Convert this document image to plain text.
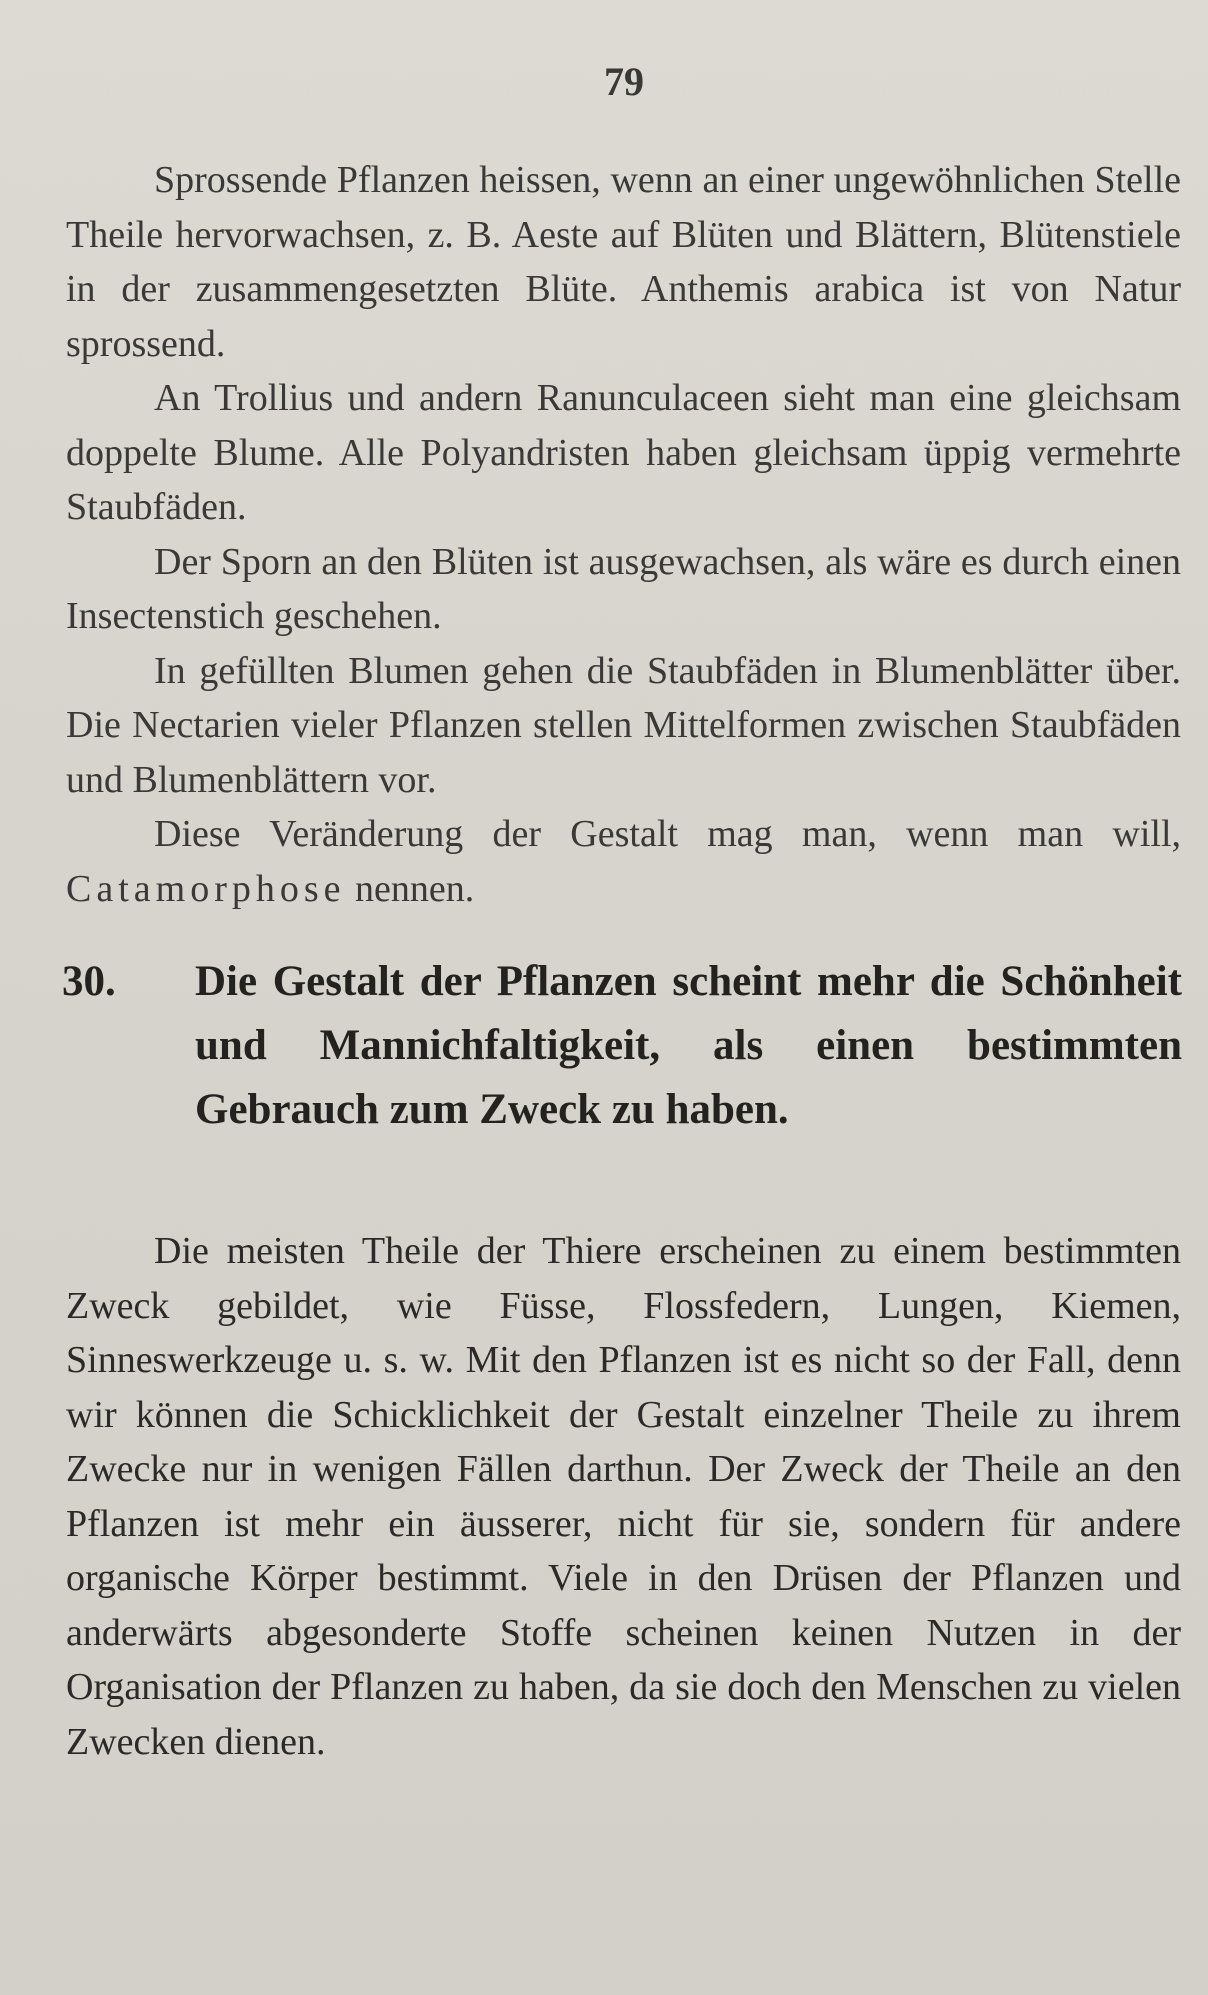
79

Sprossende Pflanzen heissen, wenn an einer ungewöhnlichen Stelle Theile hervorwachsen, z. B. Aeste auf Blüten und Blättern, Blütenstiele in der zusammengesetzten Blüte. Anthemis arabica ist von Natur sprossend.

An Trollius und andern Ranunculaceen sieht man eine gleichsam doppelte Blume. Alle Polyandristen haben gleichsam üppig vermehrte Staubfäden.

Der Sporn an den Blüten ist ausgewachsen, als wäre es durch einen Insectenstich geschehen.

In gefüllten Blumen gehen die Staubfäden in Blumenblätter über. Die Nectarien vieler Pflanzen stellen Mittelformen zwischen Staubfäden und Blumenblättern vor.

Diese Veränderung der Gestalt mag man, wenn man will, Catamorphose nennen.

30.	Die Gestalt der Pflanzen scheint mehr die Schönheit und Mannichfaltigkeit, als einen bestimmten Gebrauch zum Zweck zu haben.

Die meisten Theile der Thiere erscheinen zu einem bestimmten Zweck gebildet, wie Füsse, Flossfedern, Lungen, Kiemen, Sinneswerkzeuge u. s. w. Mit den Pflanzen ist es nicht so der Fall, denn wir können die Schicklichkeit der Gestalt einzelner Theile zu ihrem Zwecke nur in wenigen Fällen darthun. Der Zweck der Theile an den Pflanzen ist mehr ein äusserer, nicht für sie, sondern für andere organische Körper bestimmt. Viele in den Drüsen der Pflanzen und anderwärts abgesonderte Stoffe scheinen keinen Nutzen in der Organisation der Pflanzen zu haben, da sie doch den Menschen zu vielen Zwecken dienen.
